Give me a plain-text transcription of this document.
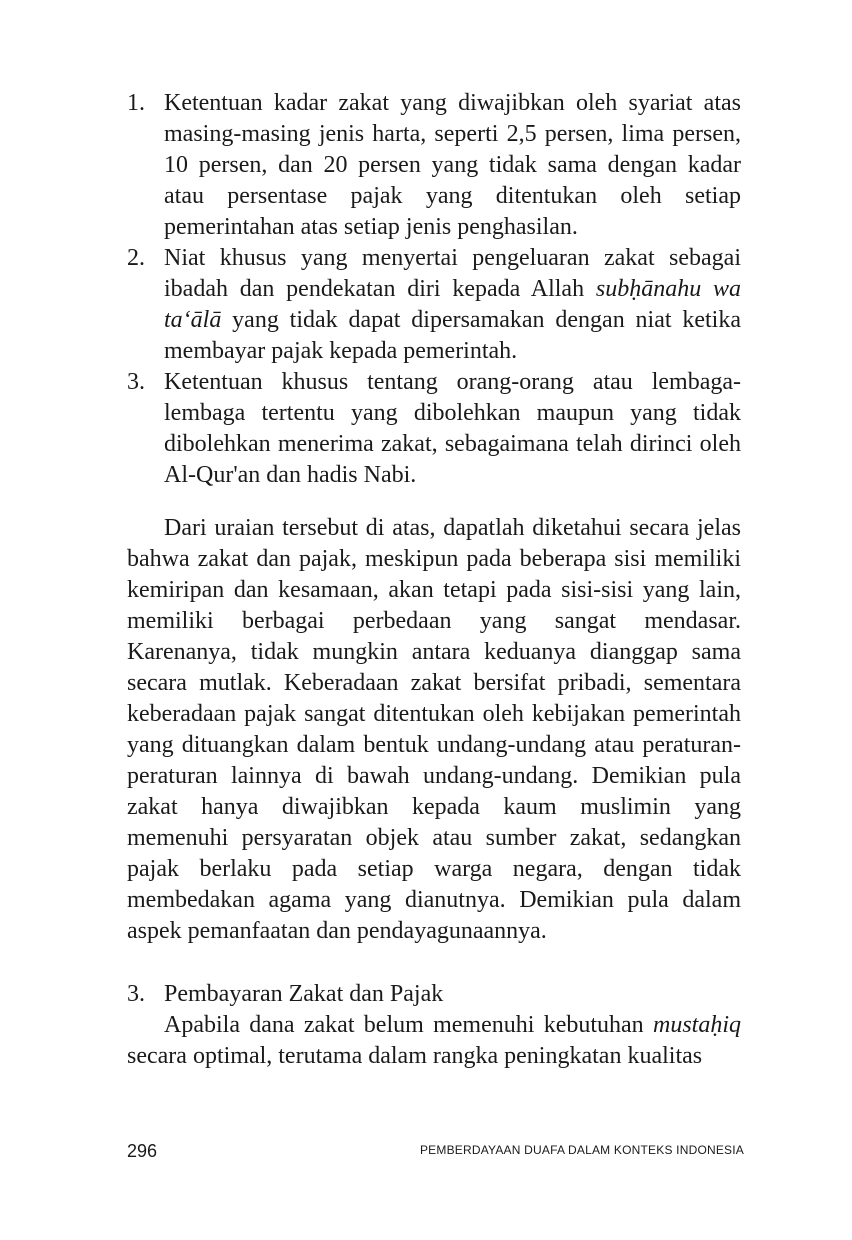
1. Ketentuan kadar zakat yang diwajibkan oleh syariat atas masing-masing jenis harta, seperti 2,5 persen, lima persen, 10 persen, dan 20 persen yang tidak sama dengan kadar atau persentase pajak yang ditentukan oleh setiap pemerintahan atas setiap jenis penghasilan.
2. Niat khusus yang menyertai pengeluaran zakat sebagai ibadah dan pendekatan diri kepada Allah subḥānahu wa ta‘ālā yang tidak dapat dipersamakan dengan niat ketika membayar pajak kepada pemerintah.
3. Ketentuan khusus tentang orang-orang atau lembaga-lembaga tertentu yang dibolehkan maupun yang tidak dibolehkan menerima zakat, sebagaimana telah dirinci oleh Al-Qur'an dan hadis Nabi.

Dari uraian tersebut di atas, dapatlah diketahui secara jelas bahwa zakat dan pajak, meskipun pada beberapa sisi memiliki kemiripan dan kesamaan, akan tetapi pada sisi-sisi yang lain, memiliki berbagai perbedaan yang sangat mendasar. Karenanya, tidak mungkin antara keduanya dianggap sama secara mutlak. Keberadaan zakat bersifat pribadi, sementara keberadaan pajak sangat ditentukan oleh kebijakan pemerintah yang dituangkan dalam bentuk undang-undang atau peraturan-peraturan lainnya di bawah undang-undang. Demikian pula zakat hanya diwajibkan kepada kaum muslimin yang memenuhi persyaratan objek atau sumber zakat, sedangkan pajak berlaku pada setiap warga negara, dengan tidak membedakan agama yang dianutnya. Demikian pula dalam aspek pemanfaatan dan pendayagunaannya.

3. Pembayaran Zakat dan Pajak

Apabila dana zakat belum memenuhi kebutuhan mustaḥiq secara optimal, terutama dalam rangka peningkatan kualitas

296	PEMBERDAYAAN DUAFA DALAM KONTEKS INDONESIA
